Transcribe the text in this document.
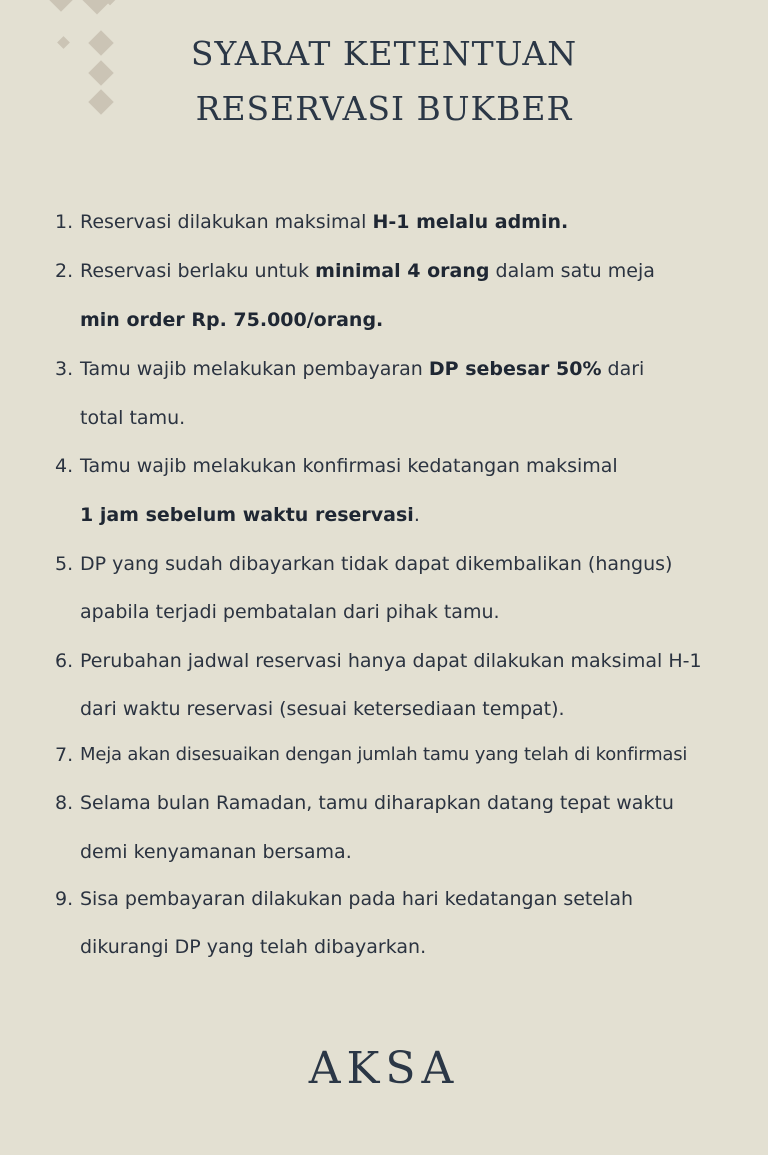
SYARAT KETENTUAN
RESERVASI BUKBER
1. Reservasi dilakukan maksimal H-1 melalu admin.
2. Reservasi berlaku untuk minimal 4 orang dalam satu meja
min order Rp. 75.000/orang.
3. Tamu wajib melakukan pembayaran DP sebesar 50% dari
total tamu.
4. Tamu wajib melakukan konfirmasi kedatangan maksimal
1 jam sebelum waktu reservasi.
5. DP yang sudah dibayarkan tidak dapat dikembalikan (hangus)
apabila terjadi pembatalan dari pihak tamu.
6. Perubahan jadwal reservasi hanya dapat dilakukan maksimal H-1
dari waktu reservasi (sesuai ketersediaan tempat).
7. Meja akan disesuaikan dengan jumlah tamu yang telah di konfirmasi
8. Selama bulan Ramadan, tamu diharapkan datang tepat waktu
demi kenyamanan bersama.
9. Sisa pembayaran dilakukan pada hari kedatangan setelah
dikurangi DP yang telah dibayarkan.
AKSA
